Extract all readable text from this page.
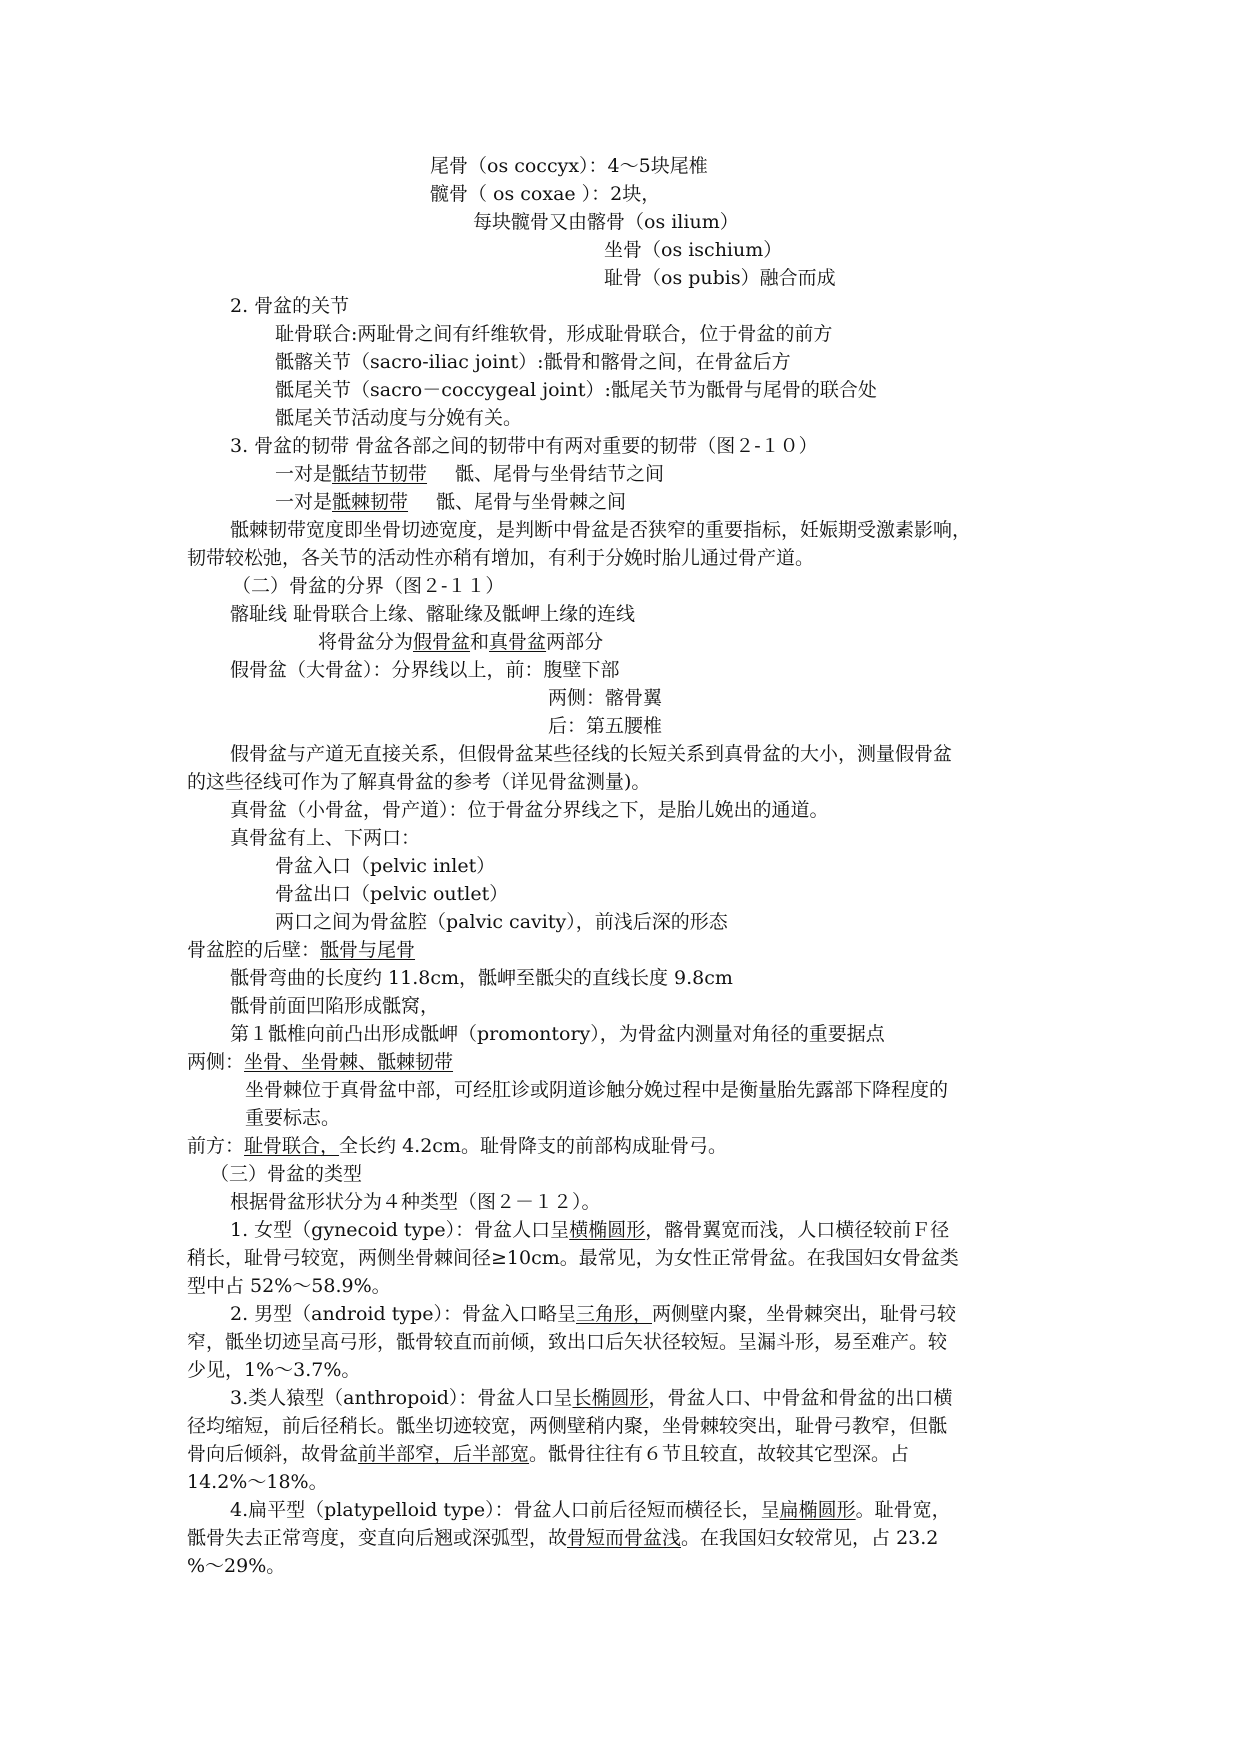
尾骨（os coccyx）：4～5块尾椎
髋骨（ os coxae ）：2块，
每块髋骨又由髂骨（os ilium）
坐骨（os ischium）
耻骨（os pubis）融合而成
2. 骨盆的关节
耻骨联合:两耻骨之间有纤维软骨，形成耻骨联合，位于骨盆的前方
骶髂关节（sacro-iliac joint）:骶骨和髂骨之间，在骨盆后方
骶尾关节（sacro－coccygeal joint）:骶尾关节为骶骨与尾骨的联合处
骶尾关节活动度与分娩有关。
3. 骨盆的韧带 骨盆各部之间的韧带中有两对重要的韧带（图２-１０）
一对是骶结节韧带 骶、尾骨与坐骨结节之间
一对是骶棘韧带 骶、尾骨与坐骨棘之间
骶棘韧带宽度即坐骨切迹宽度，是判断中骨盆是否狭窄的重要指标，妊娠期受激素影响，
韧带较松弛，各关节的活动性亦稍有增加，有利于分娩时胎儿通过骨产道。
（二）骨盆的分界（图２-１１）
髂耻线 耻骨联合上缘、髂耻缘及骶岬上缘的连线
将骨盆分为假骨盆和真骨盆两部分
假骨盆（大骨盆）：分界线以上，前：腹壁下部
两侧：髂骨翼
后：第五腰椎
假骨盆与产道无直接关系，但假骨盆某些径线的长短关系到真骨盆的大小，测量假骨盆
的这些径线可作为了解真骨盆的参考（详见骨盆测量)。
真骨盆（小骨盆，骨产道）：位于骨盆分界线之下，是胎儿娩出的通道。
真骨盆有上、下两口：
骨盆入口（pelvic inlet）
骨盆出口（pelvic outlet）
两口之间为骨盆腔（palvic cavity），前浅后深的形态
骨盆腔的后壁：骶骨与尾骨
骶骨弯曲的长度约 11.8cm，骶岬至骶尖的直线长度 9.8cm
骶骨前面凹陷形成骶窝，
第１骶椎向前凸出形成骶岬（promontory），为骨盆内测量对角径的重要据点
两侧：坐骨、坐骨棘、骶棘韧带
坐骨棘位于真骨盆中部，可经肛诊或阴道诊触分娩过程中是衡量胎先露部下降程度的
重要标志。
前方：耻骨联合，全长约 4.2cm。耻骨降支的前部构成耻骨弓。
（三）骨盆的类型
根据骨盆形状分为４种类型（图２－１２）。
1. 女型（gynecoid type）：骨盆人口呈横椭圆形，髂骨翼宽而浅，人口横径较前Ｆ径
稍长，耻骨弓较宽，两侧坐骨棘间径≥10cm。最常见，为女性正常骨盆。在我国妇女骨盆类
型中占 52%～58.9%。
2. 男型（android type）：骨盆入口略呈三角形，两侧壁内聚，坐骨棘突出，耻骨弓较
窄，骶坐切迹呈高弓形，骶骨较直而前倾，致出口后矢状径较短。呈漏斗形，易至难产。较
少见，1%～3.7%。
3.类人猿型（anthropoid）：骨盆人口呈长椭圆形，骨盆人口、中骨盆和骨盆的出口横
径均缩短，前后径稍长。骶坐切迹较宽，两侧壁稍内聚，坐骨棘较突出，耻骨弓教窄，但骶
骨向后倾斜，故骨盆前半部窄，后半部宽。骶骨往往有６节且较直，故较其它型深。占
14.2%～18%。
4.扁平型（platypelloid type）：骨盆人口前后径短而横径长，呈扁椭圆形。耻骨宽，
骶骨失去正常弯度，变直向后翘或深弧型，故骨短而骨盆浅。在我国妇女较常见，占 23.2
%～29%。
